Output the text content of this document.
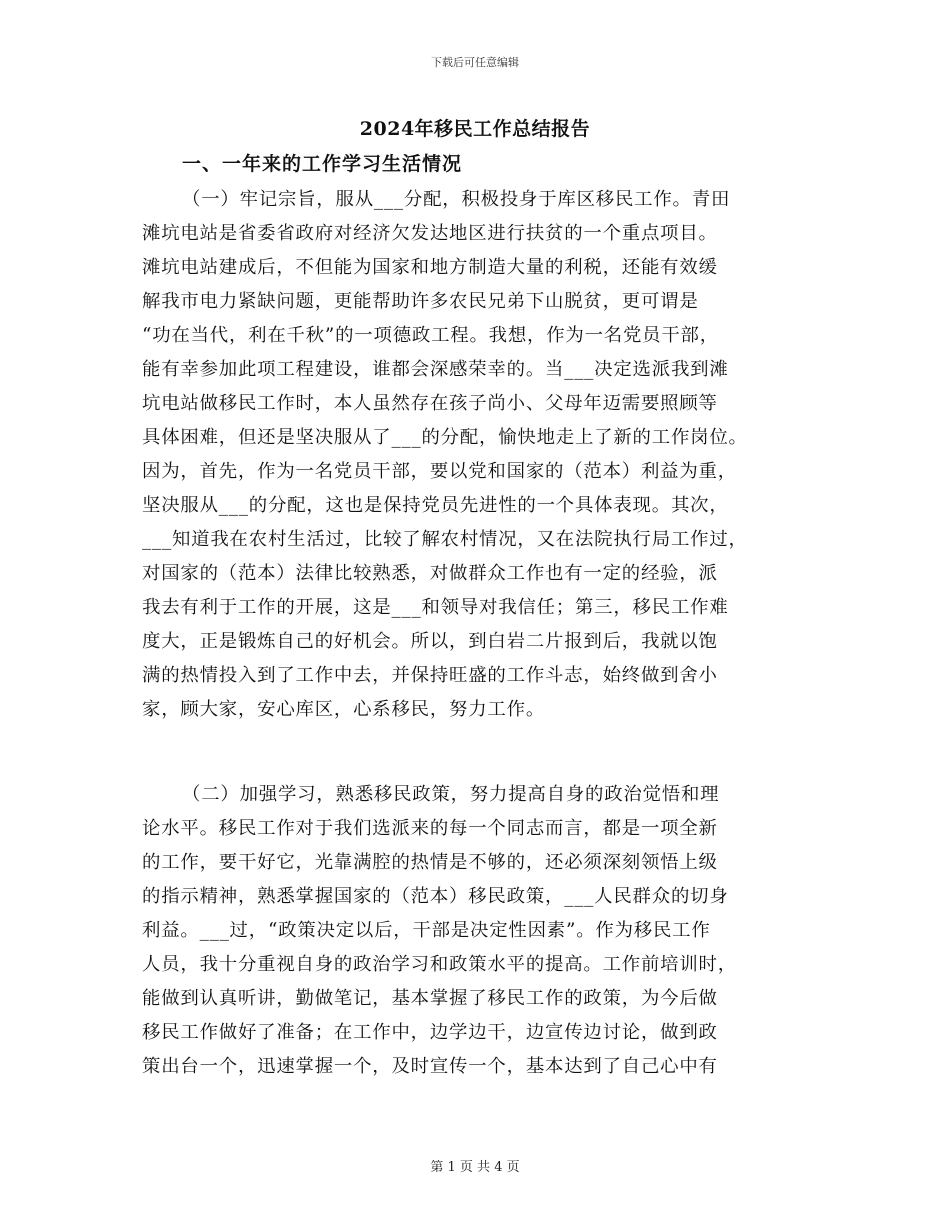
下载后可任意编辑
2024年移民工作总结报告
一、一年来的工作学习生活情况
（一）牢记宗旨，服从___分配，积极投身于库区移民工作。青田
滩坑电站是省委省政府对经济欠发达地区进行扶贫的一个重点项目。
滩坑电站建成后，不但能为国家和地方制造大量的利税，还能有效缓
解我市电力紧缺问题，更能帮助许多农民兄弟下山脱贫，更可谓是
“功在当代，利在千秋”的一项德政工程。我想，作为一名党员干部，
能有幸参加此项工程建设，谁都会深感荣幸的。当___决定选派我到滩
坑电站做移民工作时，本人虽然存在孩子尚小、父母年迈需要照顾等
具体困难，但还是坚决服从了___的分配，愉快地走上了新的工作岗位。
因为，首先，作为一名党员干部，要以党和国家的（范本）利益为重，
坚决服从___的分配，这也是保持党员先进性的一个具体表现。其次，
___知道我在农村生活过，比较了解农村情况，又在法院执行局工作过，
对国家的（范本）法律比较熟悉，对做群众工作也有一定的经验，派
我去有利于工作的开展，这是___和领导对我信任；第三，移民工作难
度大，正是锻炼自己的好机会。所以，到白岩二片报到后，我就以饱
满的热情投入到了工作中去，并保持旺盛的工作斗志，始终做到舍小
家，顾大家，安心库区，心系移民，努力工作。
（二）加强学习，熟悉移民政策，努力提高自身的政治觉悟和理
论水平。移民工作对于我们选派来的每一个同志而言，都是一项全新
的工作，要干好它，光靠满腔的热情是不够的，还必须深刻领悟上级
的指示精神，熟悉掌握国家的（范本）移民政策，___人民群众的切身
利益。___过，“政策决定以后，干部是决定性因素”。作为移民工作
人员，我十分重视自身的政治学习和政策水平的提高。工作前培训时，
能做到认真听讲，勤做笔记，基本掌握了移民工作的政策，为今后做
移民工作做好了准备；在工作中，边学边干，边宣传边讨论，做到政
策出台一个，迅速掌握一个，及时宣传一个，基本达到了自己心中有
第 1 页 共 4 页
